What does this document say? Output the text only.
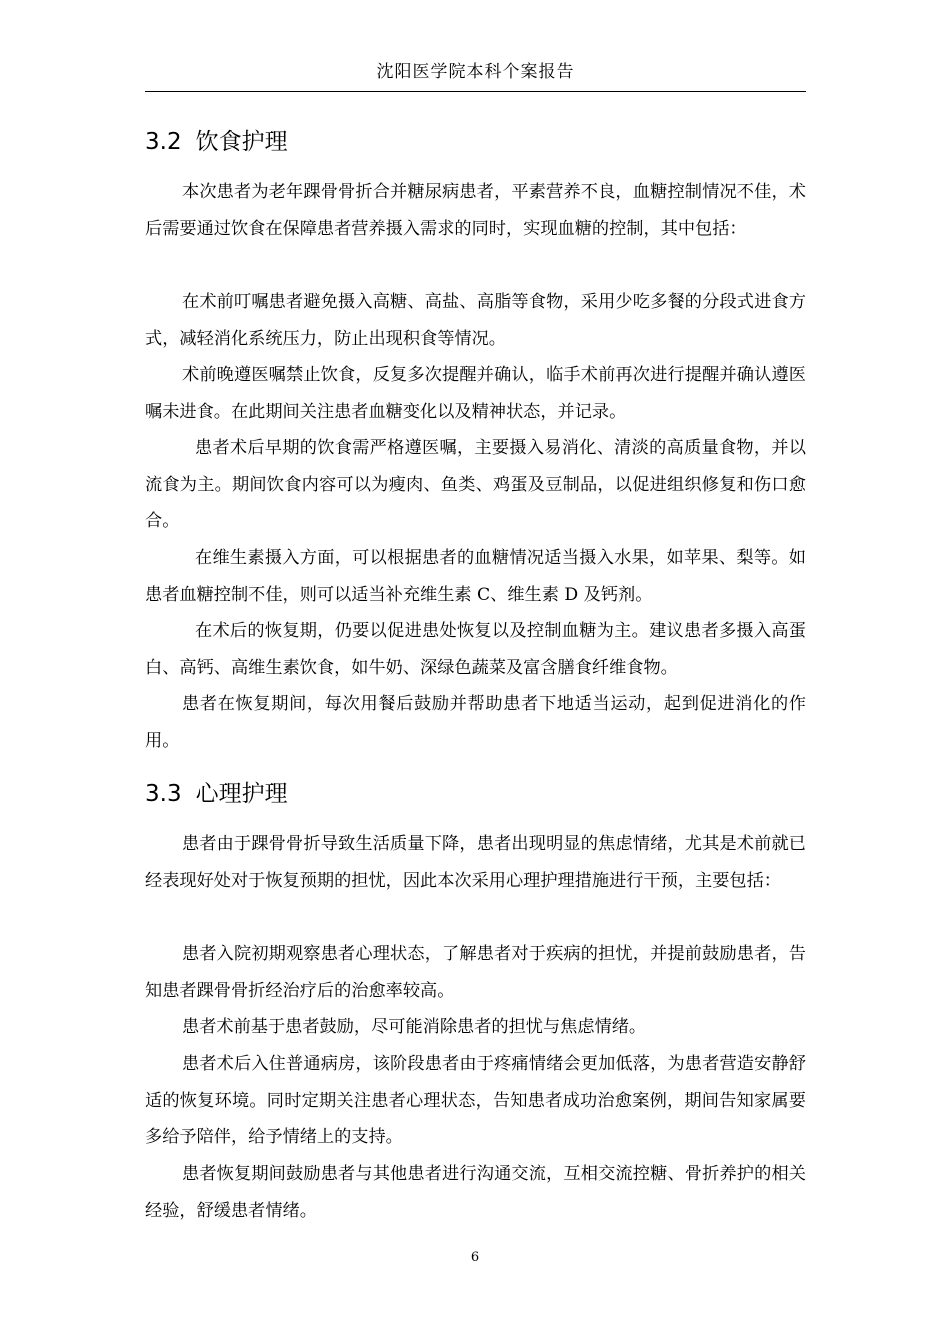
沈阳医学院本科个案报告
3.2 饮食护理

本次患者为老年踝骨骨折合并糖尿病患者，平素营养不良，血糖控制情况不佳，术后需要通过饮食在保障患者营养摄入需求的同时，实现血糖的控制，其中包括：

在术前叮嘱患者避免摄入高糖、高盐、高脂等食物，采用少吃多餐的分段式进食方式，减轻消化系统压力，防止出现积食等情况。

术前晚遵医嘱禁止饮食，反复多次提醒并确认，临手术前再次进行提醒并确认遵医嘱未进食。在此期间关注患者血糖变化以及精神状态，并记录。

患者术后早期的饮食需严格遵医嘱，主要摄入易消化、清淡的高质量食物，并以流食为主。期间饮食内容可以为瘦肉、鱼类、鸡蛋及豆制品，以促进组织修复和伤口愈合。

在维生素摄入方面，可以根据患者的血糖情况适当摄入水果，如苹果、梨等。如患者血糖控制不佳，则可以适当补充维生素 C、维生素 D 及钙剂。

在术后的恢复期，仍要以促进患处恢复以及控制血糖为主。建议患者多摄入高蛋白、高钙、高维生素饮食，如牛奶、深绿色蔬菜及富含膳食纤维食物。

患者在恢复期间，每次用餐后鼓励并帮助患者下地适当运动，起到促进消化的作用。

3.3 心理护理

患者由于踝骨骨折导致生活质量下降，患者出现明显的焦虑情绪，尤其是术前就已经表现好处对于恢复预期的担忧，因此本次采用心理护理措施进行干预，主要包括：

患者入院初期观察患者心理状态，了解患者对于疾病的担忧，并提前鼓励患者，告知患者踝骨骨折经治疗后的治愈率较高。

患者术前基于患者鼓励，尽可能消除患者的担忧与焦虑情绪。

患者术后入住普通病房，该阶段患者由于疼痛情绪会更加低落，为患者营造安静舒适的恢复环境。同时定期关注患者心理状态，告知患者成功治愈案例，期间告知家属要多给予陪伴，给予情绪上的支持。

患者恢复期间鼓励患者与其他患者进行沟通交流，互相交流控糖、骨折养护的相关经验，舒缓患者情绪。

6
